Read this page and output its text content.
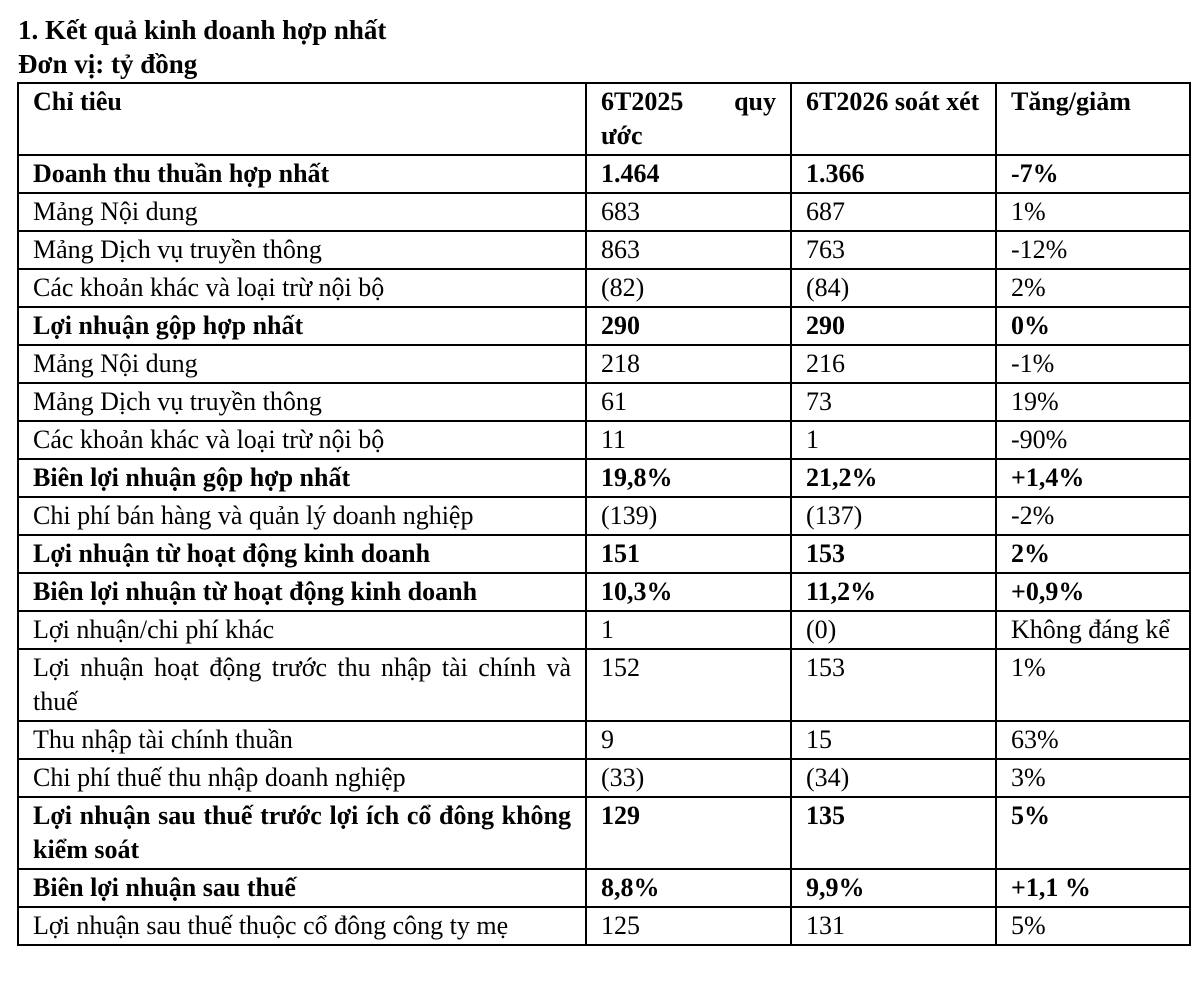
1. Kết quả kinh doanh hợp nhất
Đơn vị: tỷ đồng
Chỉ tiêu	6T2025 quy ước	6T2026 soát xét	Tăng/giảm
Doanh thu thuần hợp nhất	1.464	1.366	-7%
Mảng Nội dung	683	687	1%
Mảng Dịch vụ truyền thông	863	763	-12%
Các khoản khác và loại trừ nội bộ	(82)	(84)	2%
Lợi nhuận gộp hợp nhất	290	290	0%
Mảng Nội dung	218	216	-1%
Mảng Dịch vụ truyền thông	61	73	19%
Các khoản khác và loại trừ nội bộ	11	1	-90%
Biên lợi nhuận gộp hợp nhất	19,8%	21,2%	+1,4%
Chi phí bán hàng và quản lý doanh nghiệp	(139)	(137)	-2%
Lợi nhuận từ hoạt động kinh doanh	151	153	2%
Biên lợi nhuận từ hoạt động kinh doanh	10,3%	11,2%	+0,9%
Lợi nhuận/chi phí khác	1	(0)	Không đáng kể
Lợi nhuận hoạt động trước thu nhập tài chính và thuế	152	153	1%
Thu nhập tài chính thuần	9	15	63%
Chi phí thuế thu nhập doanh nghiệp	(33)	(34)	3%
Lợi nhuận sau thuế trước lợi ích cổ đông không kiểm soát	129	135	5%
Biên lợi nhuận sau thuế	8,8%	9,9%	+1,1 %
Lợi nhuận sau thuế thuộc cổ đông công ty mẹ	125	131	5%
